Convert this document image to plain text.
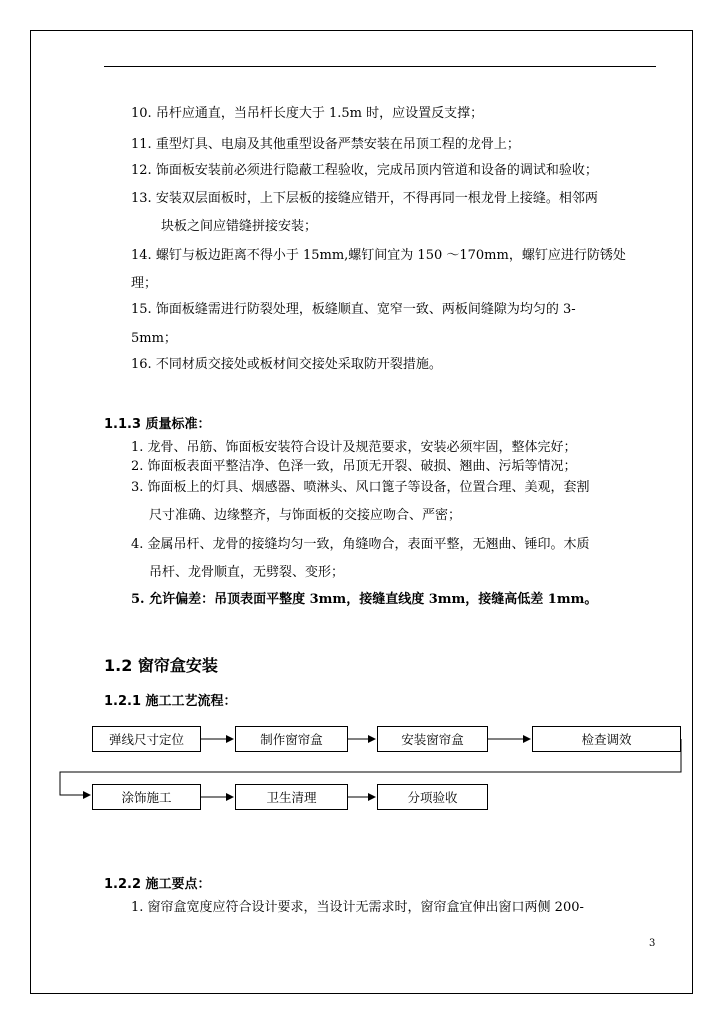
10. 吊杆应通直，当吊杆长度大于 1.5m 时，应设置反支撑；
11. 重型灯具、电扇及其他重型设备严禁安装在吊顶工程的龙骨上；
12. 饰面板安装前必须进行隐蔽工程验收，完成吊顶内管道和设备的调试和验收；
13. 安装双层面板时，上下层板的接缝应错开，不得再同一根龙骨上接缝。相邻两
块板之间应错缝拼接安装；
14. 螺钉与板边距离不得小于 15mm,螺钉间宜为 150 ～170mm，螺钉应进行防锈处
理；
15. 饰面板缝需进行防裂处理，板缝顺直、宽窄一致、两板间缝隙为均匀的 3-
5mm；
16. 不同材质交接处或板材间交接处采取防开裂措施。
1.1.3 质量标准：
1. 龙骨、吊筋、饰面板安装符合设计及规范要求，安装必须牢固，整体完好；
2. 饰面板表面平整洁净、色泽一致，吊顶无开裂、破损、翘曲、污垢等情况；
3. 饰面板上的灯具、烟感器、喷淋头、风口篦子等设备，位置合理、美观，套割
尺寸准确、边缘整齐，与饰面板的交接应吻合、严密；
4. 金属吊杆、龙骨的接缝均匀一致，角缝吻合，表面平整，无翘曲、锤印。木质
吊杆、龙骨顺直，无劈裂、变形；
5. 允许偏差：吊顶表面平整度 3mm，接缝直线度 3mm，接缝高低差 1mm。
1.2 窗帘盒安装
1.2.1 施工工艺流程：
弹线尺寸定位	制作窗帘盒	安装窗帘盒	检查调效
涂饰施工	卫生清理	分项验收
1.2.2 施工要点：
1. 窗帘盒宽度应符合设计要求，当设计无需求时，窗帘盒宜伸出窗口两侧 200-
3
